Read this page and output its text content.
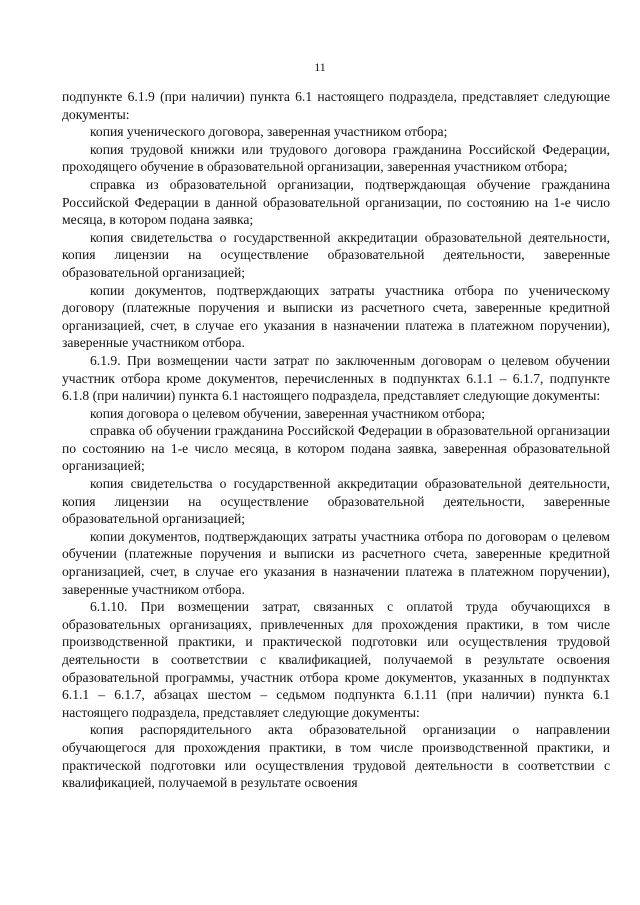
11

подпункте 6.1.9 (при наличии) пункта 6.1 настоящего подраздела, представляет следующие документы:

копия ученического договора, заверенная участником отбора;

копия трудовой книжки или трудового договора гражданина Российской Федерации, проходящего обучение в образовательной организации, заверенная участником отбора;

справка из образовательной организации, подтверждающая обучение гражданина Российской Федерации в данной образовательной организации, по состоянию на 1-е число месяца, в котором подана заявка;

копия свидетельства о государственной аккредитации образовательной деятельности, копия лицензии на осуществление образовательной деятельности, заверенные образовательной организацией;

копии документов, подтверждающих затраты участника отбора по ученическому договору (платежные поручения и выписки из расчетного счета, заверенные кредитной организацией, счет, в случае его указания в назначении платежа в платежном поручении), заверенные участником отбора.

6.1.9. При возмещении части затрат по заключенным договорам о целевом обучении участник отбора кроме документов, перечисленных в подпунктах 6.1.1 – 6.1.7, подпункте 6.1.8 (при наличии) пункта 6.1 настоящего подраздела, представляет следующие документы:

копия договора о целевом обучении, заверенная участником отбора;

справка об обучении гражданина Российской Федерации в образовательной организации по состоянию на 1-е число месяца, в котором подана заявка, заверенная образовательной организацией;

копия свидетельства о государственной аккредитации образовательной деятельности, копия лицензии на осуществление образовательной деятельности, заверенные образовательной организацией;

копии документов, подтверждающих затраты участника отбора по договорам о целевом обучении (платежные поручения и выписки из расчетного счета, заверенные кредитной организацией, счет, в случае его указания в назначении платежа в платежном поручении), заверенные участником отбора.

6.1.10. При возмещении затрат, связанных с оплатой труда обучающихся в образовательных организациях, привлеченных для прохождения практики, в том числе производственной практики, и практической подготовки или осуществления трудовой деятельности в соответствии с квалификацией, получаемой в результате освоения образовательной программы, участник отбора кроме документов, указанных в подпунктах 6.1.1 – 6.1.7, абзацах шестом – седьмом подпункта 6.1.11 (при наличии) пункта 6.1 настоящего подраздела, представляет следующие документы:

копия распорядительного акта образовательной организации о направлении обучающегося для прохождения практики, в том числе производственной практики, и практической подготовки или осуществления трудовой деятельности в соответствии с квалификацией, получаемой в результате освоения
